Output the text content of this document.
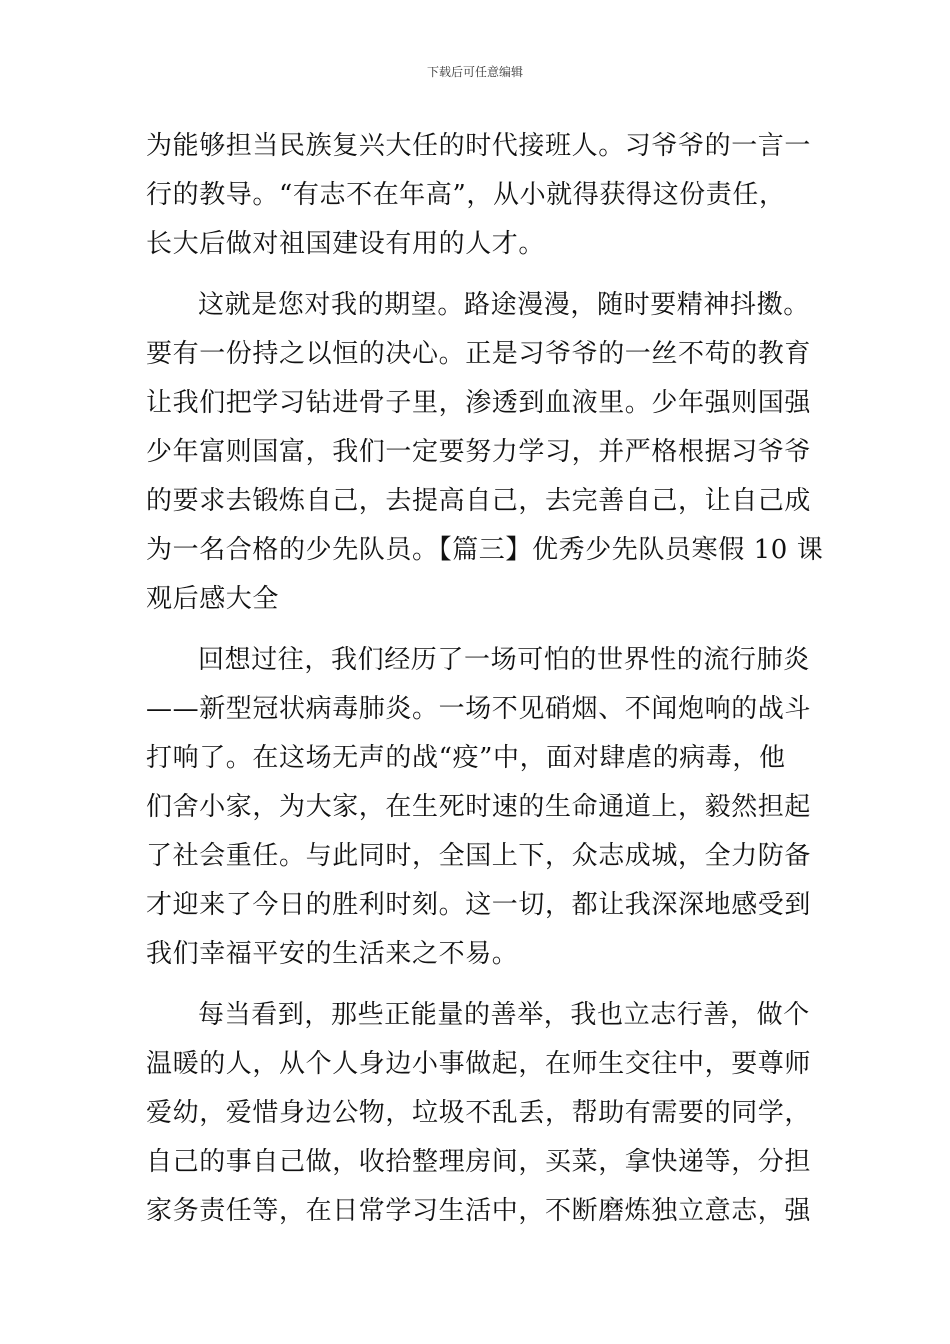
下载后可任意编辑
为能够担当民族复兴大任的时代接班人。习爷爷的一言一
行的教导。“有志不在年高”，从小就得获得这份责任，
长大后做对祖国建设有用的人才。
这就是您对我的期望。路途漫漫，随时要精神抖擞。
要有一份持之以恒的决心。正是习爷爷的一丝不苟的教育
让我们把学习钻进骨子里，渗透到血液里。少年强则国强
少年富则国富，我们一定要努力学习，并严格根据习爷爷
的要求去锻炼自己，去提高自己，去完善自己，让自己成
为一名合格的少先队员。【篇三】优秀少先队员寒假 10 课
观后感大全
回想过往，我们经历了一场可怕的世界性的流行肺炎
——新型冠状病毒肺炎。一场不见硝烟、不闻炮响的战斗
打响了。在这场无声的战“疫”中，面对肆虐的病毒，他
们舍小家，为大家，在生死时速的生命通道上，毅然担起
了社会重任。与此同时，全国上下，众志成城，全力防备
才迎来了今日的胜利时刻。这一切，都让我深深地感受到
我们幸福平安的生活来之不易。
每当看到，那些正能量的善举，我也立志行善，做个
温暖的人，从个人身边小事做起，在师生交往中，要尊师
爱幼，爱惜身边公物，垃圾不乱丢，帮助有需要的同学，
自己的事自己做，收拾整理房间，买菜，拿快递等，分担
家务责任等，在日常学习生活中，不断磨炼独立意志，强
